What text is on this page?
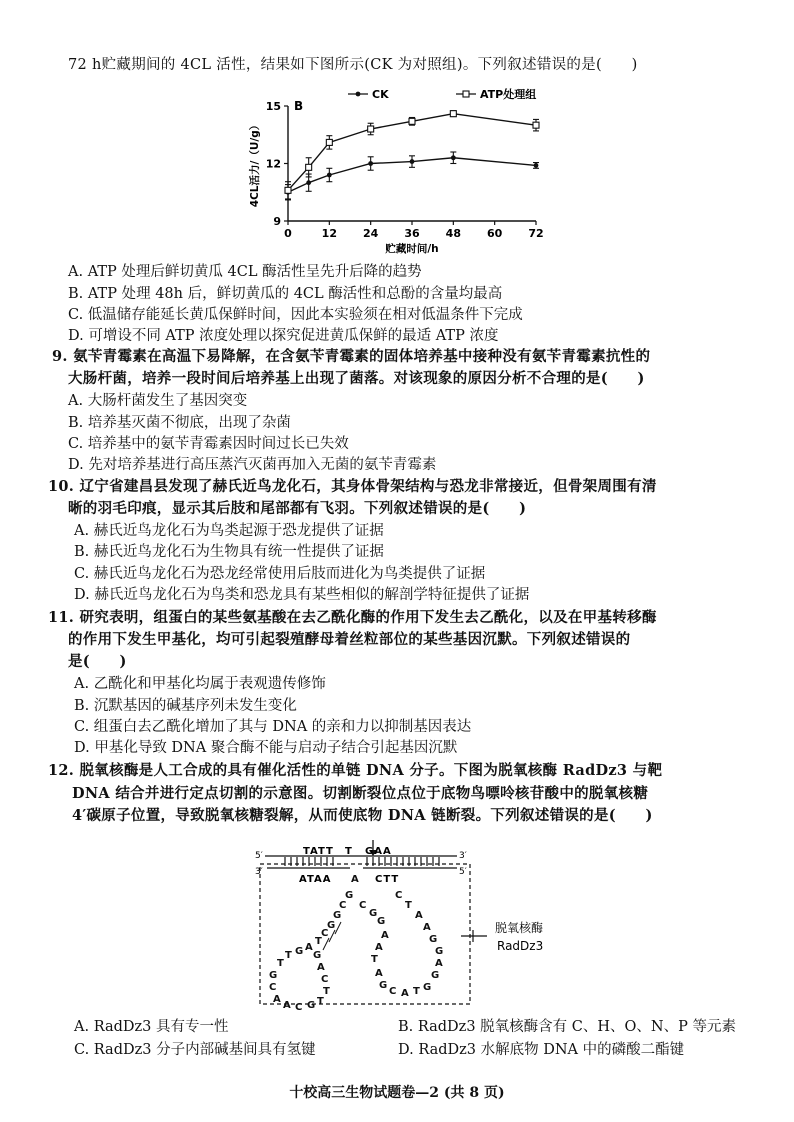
72 h贮藏期间的 4CL 活性，结果如下图所示(CK 为对照组)。下列叙述错误的是(　　)
9
12
15
0	12 24 36 48 60 72
B
贮藏时间/h
4CL活力/（U/g）
CK	ATP处理组
A. ATP 处理后鲜切黄瓜 4CL 酶活性呈先升后降的趋势
B. ATP 处理 48h 后，鲜切黄瓜的 4CL 酶活性和总酚的含量均最高
C. 低温储存能延长黄瓜保鲜时间，因此本实验须在相对低温条件下完成
D. 可增设不同 ATP 浓度处理以探究促进黄瓜保鲜的最适 ATP 浓度
9. 氨苄青霉素在高温下易降解，在含氨苄青霉素的固体培养基中接种没有氨苄青霉素抗性的
大肠杆菌，培养一段时间后培养基上出现了菌落。对该现象的原因分析不合理的是(　　)
A. 大肠杆菌发生了基因突变
B. 培养基灭菌不彻底，出现了杂菌
C. 培养基中的氨苄青霉素因时间过长已失效
D. 先对培养基进行高压蒸汽灭菌再加入无菌的氨苄青霉素
10. 辽宁省建昌县发现了赫氏近鸟龙化石，其身体骨架结构与恐龙非常接近，但骨架周围有清
晰的羽毛印痕，显示其后肢和尾部都有飞羽。下列叙述错误的是(　　)
A. 赫氏近鸟龙化石为鸟类起源于恐龙提供了证据
B. 赫氏近鸟龙化石为生物具有统一性提供了证据
C. 赫氏近鸟龙化石为恐龙经常使用后肢而进化为鸟类提供了证据
D. 赫氏近鸟龙化石为鸟类和恐龙具有某些相似的解剖学特征提供了证据
11. 研究表明，组蛋白的某些氨基酸在去乙酰化酶的作用下发生去乙酰化，以及在甲基转移酶
的作用下发生甲基化，均可引起裂殖酵母着丝粒部位的某些基因沉默。下列叙述错误的
是(　　)
A. 乙酰化和甲基化均属于表观遗传修饰
B. 沉默基因的碱基序列未发生变化
C. 组蛋白去乙酰化增加了其与 DNA 的亲和力以抑制基因表达
D. 甲基化导致 DNA 聚合酶不能与启动子结合引起基因沉默
12. 脱氧核酶是人工合成的具有催化活性的单链 DNA 分子。下图为脱氧核酶 RadDz3 与靶
DNA 结合并进行定点切割的示意图。切割断裂位点位于底物鸟嘌呤核苷酸中的脱氧核糖
4′碳原子位置，导致脱氧核糖裂解，从而使底物 DNA 链断裂。下列叙述错误的是(　　)
5′	3′
TATT T GAA
3′	5′
ATAA	CTT
A
G
C
G
G
C
T
A
G
T
T
G
C
A
A C G T
T
C
A
G
C
G
G
A
A
T
A
G
C A T G
G
A
G
G
A
A
T
C
脱氧核酶
RadDz3
A. RadDz3 具有专一性	B. RadDz3 脱氧核酶含有 C、H、O、N、P 等元素
C. RadDz3 分子内部碱基间具有氢键	D. RadDz3 水解底物 DNA 中的磷酸二酯键
十校高三生物试题卷—2 (共 8 页)
